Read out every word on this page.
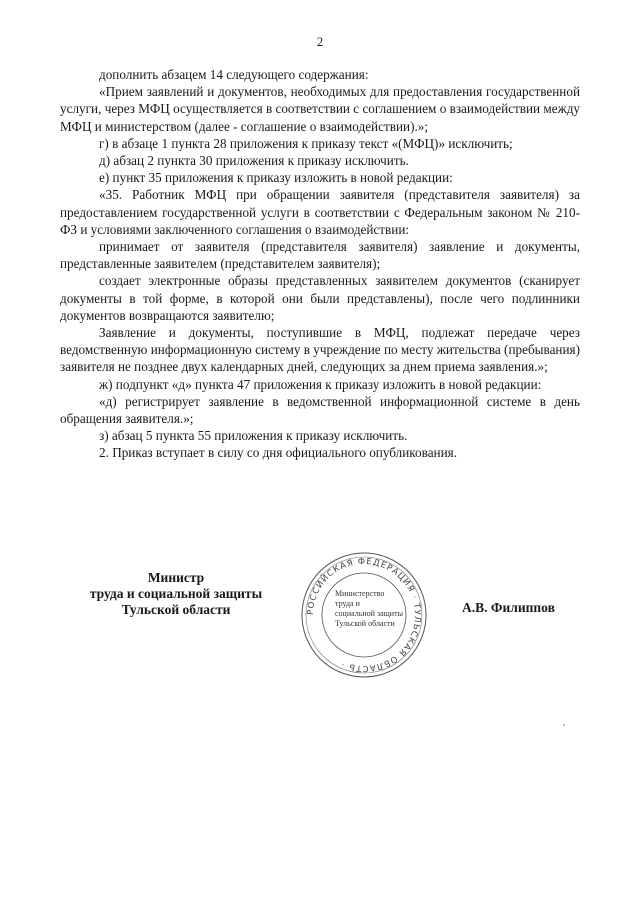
2

дополнить абзацем 14 следующего содержания:

«Прием заявлений и документов, необходимых для предоставления государственной услуги, через МФЦ осуществляется в соответствии с соглашением о взаимодействии между МФЦ и министерством (далее - соглашение о взаимодействии).»;

г) в абзаце 1 пункта 28 приложения к приказу текст «(МФЦ)» исключить;

д) абзац 2 пункта 30 приложения к приказу исключить.

е) пункт 35 приложения к приказу изложить в новой редакции:

«35. Работник МФЦ при обращении заявителя (представителя заявителя) за предоставлением государственной услуги в соответствии с Федеральным законом № 210-ФЗ и условиями заключенного соглашения о взаимодействии:

принимает от заявителя (представителя заявителя) заявление и документы, представленные заявителем (представителем заявителя);

создает электронные образы представленных заявителем документов (сканирует документы в той форме, в которой они были представлены), после чего подлинники документов возвращаются заявителю;

Заявление и документы, поступившие в МФЦ, подлежат передаче через ведомственную информационную систему в учреждение по месту жительства (пребывания) заявителя не позднее двух календарных дней, следующих за днем приема заявления.»;

ж) подпункт «д» пункта 47 приложения к приказу изложить в новой редакции:

«д) регистрирует заявление в ведомственной информационной системе в день обращения заявителя.»;

з) абзац 5 пункта 55 приложения к приказу исключить.

2. Приказ вступает в силу со дня официального опубликования.

Министр
труда и социальной защиты
Тульской области	РОССИЙСКАЯ ФЕДЕРАЦИЯ · ТУЛЬСКАЯ ОБЛАСТЬ ·
Министерство
труда и
социальной защиты
Тульской области
А.В. Филиппов
